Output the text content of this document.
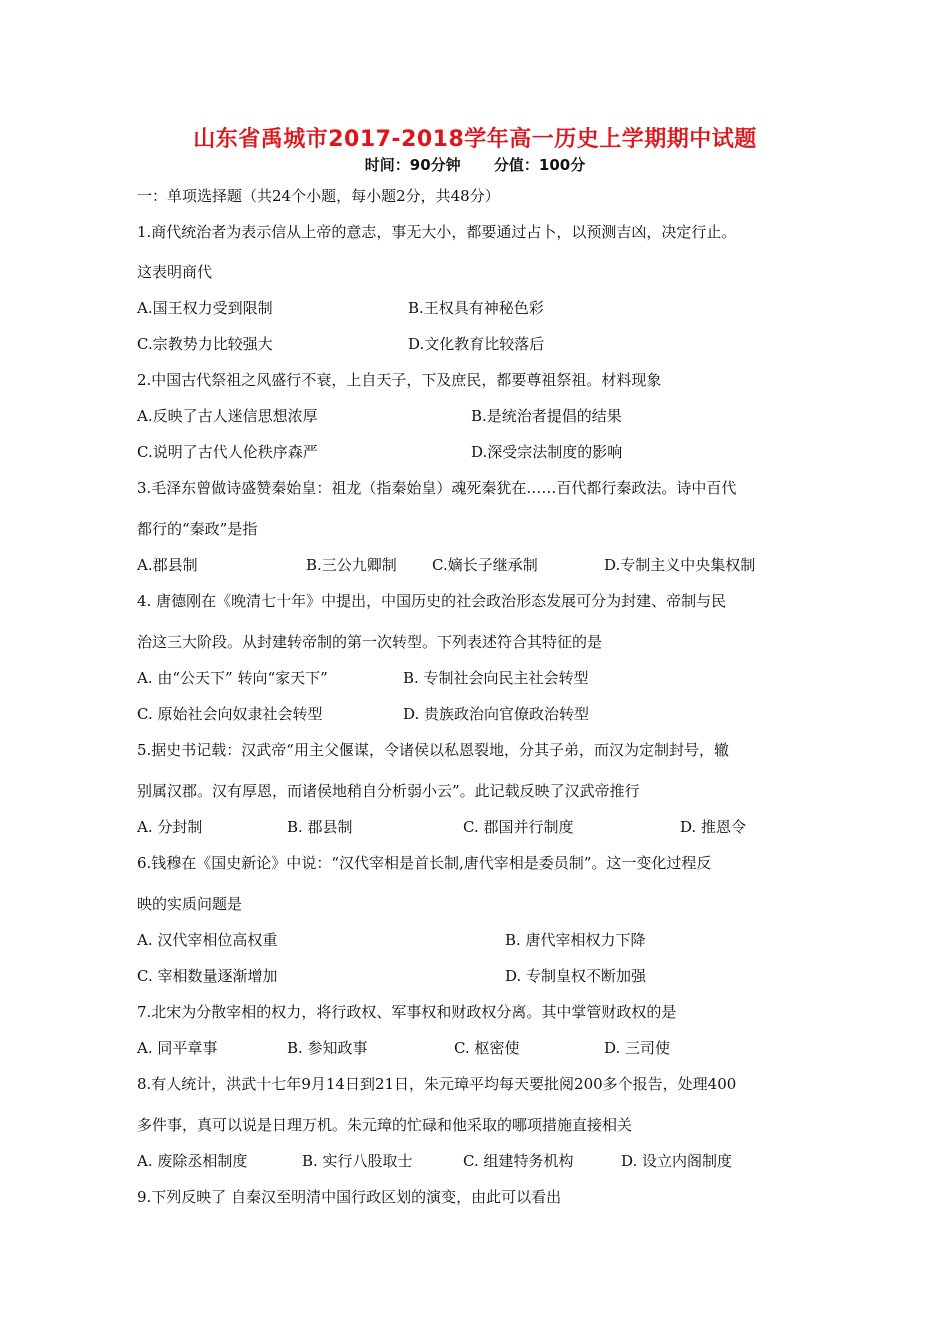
山东省禹城市2017-2018学年高一历史上学期期中试题
时间：90分钟 分值：100分
一：单项选择题（共24个小题，每小题2分，共48分）
1.商代统治者为表示信从上帝的意志，事无大小，都要通过占卜，以预测吉凶，决定行止。
这表明商代
A.国王权力受到限制	B.王权具有神秘色彩
C.宗教势力比较强大	D.文化教育比较落后
2.中国古代祭祖之风盛行不衰，上自天子，下及庶民，都要尊祖祭祖。材料现象
A.反映了古人迷信思想浓厚	B.是统治者提倡的结果
C.说明了古代人伦秩序森严	D.深受宗法制度的影响
3.毛泽东曾做诗盛赞秦始皇：祖龙（指秦始皇）魂死秦犹在……百代都行秦政法。诗中百代
都行的“秦政”是指
A.郡县制	B.三公九卿制 C.嫡长子继承制	D.专制主义中央集权制
4. 唐德刚在《晚清七十年》中提出，中国历史的社会政治形态发展可分为封建、帝制与民
治这三大阶段。从封建转帝制的第一次转型。下列表述符合其特征的是
A. 由“公天下” 转向“家天下”	B. 专制社会向民主社会转型
C. 原始社会向奴隶社会转型	D. 贵族政治向官僚政治转型
5.据史书记载：汉武帝“用主父偃谋，令诸侯以私恩裂地，分其子弟，而汉为定制封号，辙
别属汉郡。汉有厚恩，而诸侯地稍自分析弱小云”。此记载反映了汉武帝推行
A. 分封制	B. 郡县制	C. 郡国并行制度	D. 推恩令
6.钱穆在《国史新论》中说：“汉代宰相是首长制,唐代宰相是委员制”。这一变化过程反
映的实质问题是
A. 汉代宰相位高权重	B. 唐代宰相权力下降
C. 宰相数量逐渐增加	D. 专制皇权不断加强
7.北宋为分散宰相的权力，将行政权、军事权和财政权分离。其中掌管财政权的是
A. 同平章事	B. 参知政事	C. 枢密使	D. 三司使
8.有人统计，洪武十七年9月14日到21日，朱元璋平均每天要批阅200多个报告，处理400
多件事，真可以说是日理万机。朱元璋的忙碌和他采取的哪项措施直接相关
A. 废除丞相制度	B. 实行八股取士	C. 组建特务机构	D. 设立内阁制度
9.下列反映了 自秦汉至明清中国行政区划的演变，由此可以看出
